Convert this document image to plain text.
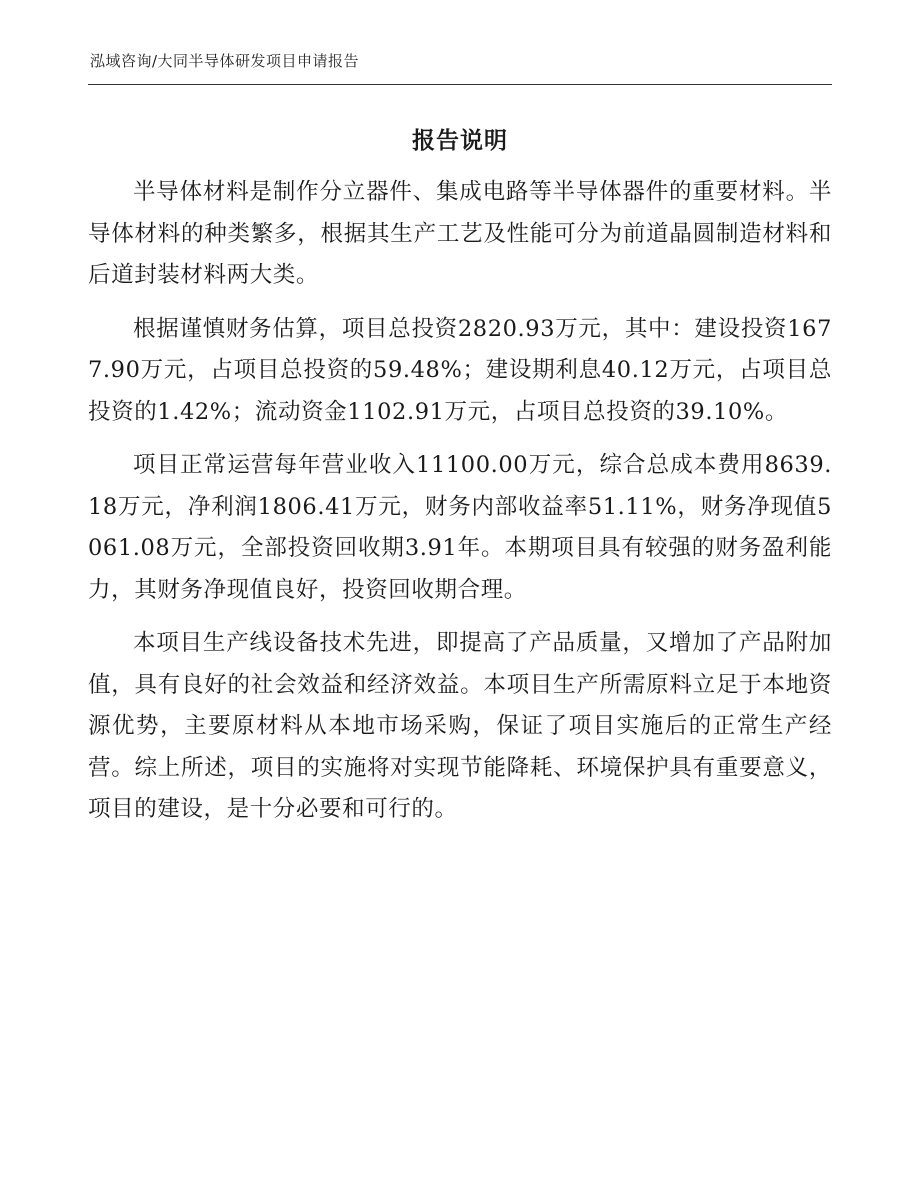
泓域咨询/大同半导体研发项目申请报告
报告说明

半导体材料是制作分立器件、集成电路等半导体器件的重要材料。半导体材料的种类繁多，根据其生产工艺及性能可分为前道晶圆制造材料和后道封装材料两大类。

根据谨慎财务估算，项目总投资2820.93万元，其中：建设投资1677.90万元，占项目总投资的59.48%；建设期利息40.12万元，占项目总投资的1.42%；流动资金1102.91万元，占项目总投资的39.10%。

项目正常运营每年营业收入11100.00万元，综合总成本费用8639.18万元，净利润1806.41万元，财务内部收益率51.11%，财务净现值5061.08万元，全部投资回收期3.91年。本期项目具有较强的财务盈利能力，其财务净现值良好，投资回收期合理。

本项目生产线设备技术先进，即提高了产品质量，又增加了产品附加值，具有良好的社会效益和经济效益。本项目生产所需原料立足于本地资源优势，主要原材料从本地市场采购，保证了项目实施后的正常生产经营。综上所述，项目的实施将对实现节能降耗、环境保护具有重要意义，项目的建设，是十分必要和可行的。
